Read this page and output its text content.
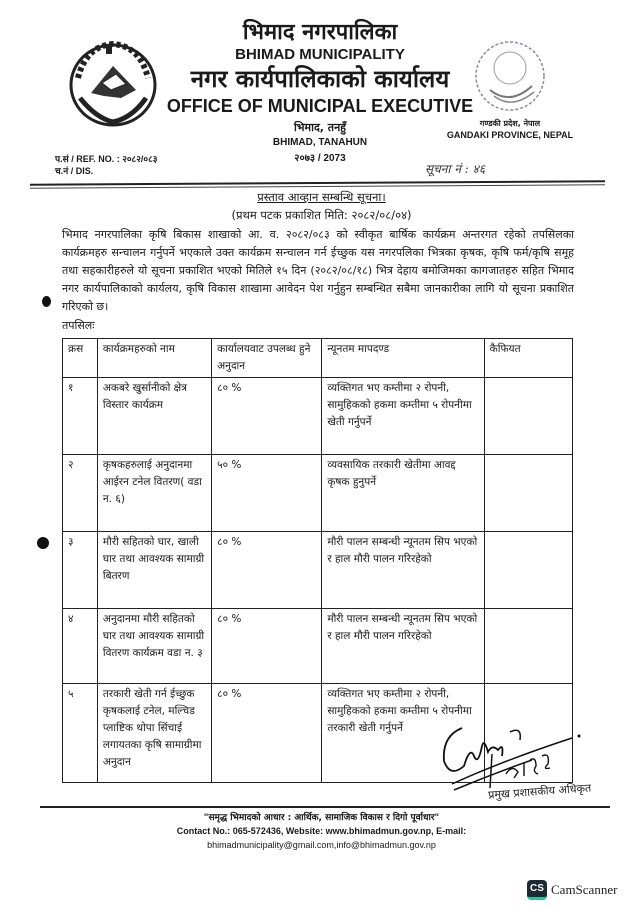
भिमाद नगरपालिका
BHIMAD MUNICIPALITY
नगर कार्यपालिकाको कार्यालय
OFFICE OF MUNICIPAL EXECUTIVE
भिमाद, तनहुँ
BHIMAD, TANAHUN
२०७३ / 2073
गण्डकी प्रदेश, नेपाल
GANDAKI PROVINCE, NEPAL
प.सं / REF. NO. : २०८२/०८३
च.नं / DIS.	सूचना नं : ४६
प्रस्ताव आव्हान सम्बन्धि सूचना।
(प्रथम पटक प्रकाशित मिति: २०८२/०८/०४)
भिमाद नगरपालिका कृषि बिकास शाखाको आ. व. २०८२/०८३ को स्वीकृत बार्षिक कार्यक्रम अन्तरगत रहेको तपसिलका कार्यक्रमहरु सन्चालन गर्नुपर्ने भएकाले उक्त कार्यक्रम सन्चालन गर्न ईच्छुक यस नगरपलिका भित्रका कृषक, कृषि फर्म/कृषि समूह तथा सहकारीहरुले यो सूचना प्रकाशित भएको मितिले १५ दिन (२०८२/०८/१८) भित्र देहाय बमोजिमका कागजातहरु सहित भिमाद नगर कार्यपालिकाको कार्यलय, कृषि विकास शाखामा आवेदन पेश गर्नुहुन सम्बन्धित सबैमा जानकारीका लागि यो सूचना प्रकाशित गरिएको छ।
तपसिलः
क्रस	कार्यक्रमहरुको नाम	कार्यालयवाट उपलब्ध हुने अनुदान	न्यूनतम मापदण्ड	कैफियत
१	अकबरे खुर्सानीको क्षेत्र विस्तार कार्यक्रम	८० %	व्यक्तिगत भए कम्तीमा २ रोपनी, सामुहिकको हकमा कम्तीमा ५ रोपनीमा खेती गर्नुपर्ने	
२	कृषकहरुलाई अनुदानमा आईरन टनेल वितरण( वडा न. ६)	५० %	व्यवसायिक तरकारी खेतीमा आवद्द कृषक हुनुपर्ने	
३	मौरी सहितको घार, खाली घार तथा आवश्यक सामाग्री बितरण	८० %	मौरी पालन सम्बन्धी न्यूनतम सिप भएको र हाल मौरी पालन गरिरहेको	
४	अनुदानमा मौरी सहितको घार तथा आवश्यक सामाग्री वितरण कार्यक्रम वडा न. ३	८० %	मौरी पालन सम्बन्धी न्यूनतम सिप भएको र हाल मौरी पालन गरिरहेको	
५	तरकारी खेती गर्न ईच्छुक कृषकलाई टनेल, मल्चिड प्लाष्टिक थोपा सिंचाई लगायतका कृषि सामाग्रीमा अनुदान	८० %	व्यक्तिगत भए कम्तीमा २ रोपनी, सामुहिकको हकमा कम्तीमा ५ रोपनीमा तरकारी खेती गर्नुपर्ने	
प्रमुख प्रशासकीय अधिकृत
"समृद्ध भिमादको आधार : आर्थिक, सामाजिक विकास र दिगो पूर्वाधार"
Contact No.: 065-572436, Website: www.bhimadmun.gov.np, E-mail:
bhimadmunicipality@gmail.com,info@bhimadmun.gov.np
CS CamScanner
